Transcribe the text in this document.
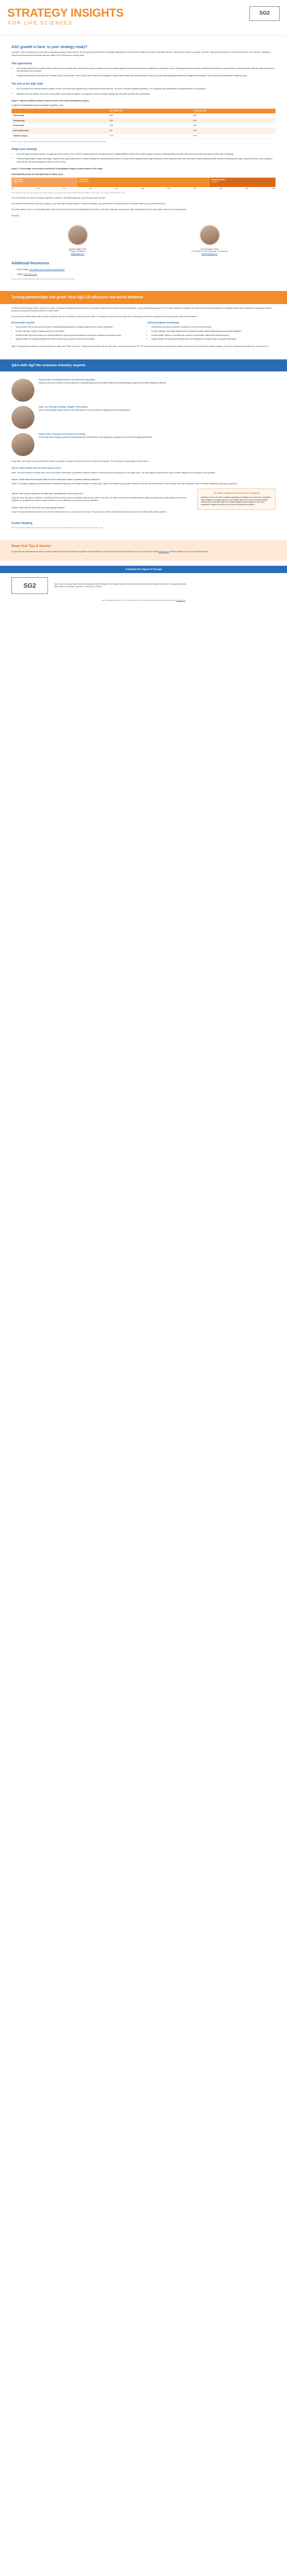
STRATEGY INSIGHTS
FOR LIFE SCIENCES
SG2
ASC growth is here. Is your strategy ready?

Currently ~20% of surgeries are performed in ambulatory surgery centers (ASCs), but strong growth makes them a strategic battleground for life sciences industry (LSI) Sg2 in estimates that ASC volumes will continue to increase, with ASC visits growth expected to exceed 20% by 2034. Yet consumer, regulatory, market and reimbursement dynamics will drive shifts in ASC landscape in coming years.

The opportunity
• ASC growth represents procedural volume. Sg2's services forecast ASC procedures to grow at a faster pace than hospital outpatient department procedures, particularly in orthopedics, spine, cardiology and general surgery. Shifting reimbursement, expanded ASC-covered procedure lists and payer preferences will accelerate this movement.
• Hospital and physician-ownership mix is shifting. A 2024 survey found ~50% of ASCs have some form of hospital or health system ownership, while physician-owned ASCs are expanding partnerships with management companies. Each ownership model implies a different buyer.
The risk of the ASC shift
• ASC economics are narrowly defined. Margins in ASCs are lower than hospitals due to reimbursement rates that are ~50–60% of hospital outpatient payments. LSI companies must demonstrate cost-effectiveness to win adoption.
• Adoption varies by market, service line, and provider. As procedures migrate, LSI companies need to reshape strategy with clear ASC-specific value propositions.
Figure 1. Market variation analysis shows uneven shift toward ambulatory surgery
% SELECT PROCEDURES IN ASCS BY MARKET QUARTILE, 2022
	1ST QUARTILE	4TH QUARTILE
Arthroscopy	52%	89%
Colonoscopy	48%	84%
Hernia repair	32%	70%
Knee replacement	9%	41%
Cataract surgery	77%	97%
Source: Impact of Change® Forecast, 2024; HCUP National Inpatient Sample; CMS Limited Data Set; Claritas Pop-Facts® Premier 2024; Sg2 Analysis, 2024.
Adapt your strategy
• Know the goals of decision-makers. In physician-owned centers (70% of ASCs) surgeons influence supply decisions. Hospital-affiliated centers tend to follow system contracts. Understanding ownership, governance and financial pressures helps tailor messaging.
• Focused segmentation creates advantage. Segment ASC opportunity based on market maturity and ownership growth drivers. Consider these segment-based target audiences, which supports broad value and market impact: growing centers focused on efficiency and data, established centers with consistent case volume, and those preparing to add new service lines.
Figure 2. Percentage of procedures performed in ambulatory surgery centers spans a 40% range
PROCEDURES IN ASC BY DISTRIBUTION OF MSAS, 2023
CATCHING
Bottom 25%
GROWING
Middle 50%
TRAILBLAZING
Top 25%
0%	10%	20%	30%	40%	50%	60%	70%	80%	90%	100%
Note: Ambulatory procedures = all procedures minus those performed in an inpatient setting. Analysis limited to MSAs with sufficient volume. Source: Sg2 analysis of CMS claims data, 2023.

The best markets are where procedural migration, portfolio fit, ownership dynamics, and forecast growth coincide.

Life sciences leaders have a new ASC playbook—one that maps portfolio exposure, decision-pathways, and value stories to economic impact, workforce efficiency, and clinical outcomes.

All health systems move to an ambulatory-first model; the need to develop site-neutral playbooks for ASCs, post-acute offerings, and physician office settings will become more urgent. Assess your strategy today.

Sincerely,

Jaymie Eagle, PhD
Principal, Intelligence
jeagle@sg2.com
Karl Korkmaz, PhD
Sr Principal & General Manager, Life Sciences
kkorkmaz@sg2.com
Additional Resources
• Expert Insight: The Rising Tide of Cardiovascular Disease
• Insight: Think ON to ICU
Sources: Sg2 ASC Strategy Infographic, 2024; Sg2 Impact of Change® Forecast, 2024; CMS claims data.
Turning partnerships into proof: How Sg2 LSI advances real-world evidence

At Vizient's 2024 Supplier Forum, Sg2 and a number of vendors including decisions focused on real-world evidence and provider-supplier partnerships. In the partnership discussion, the LSI team shared how suppliers can move forward as trusted partners to strategic partners that contribute to measurable provider priorities and produce real-world evidence to prove value.

Successful partnerships begin with a provider challenge that can be measured, improved, and scaled. The examples below show how Sg2 LSI is connecting providers and suppliers to test and generate value-based evidence.

EP procedure growth
• Sg2 forecasts a 46% ten-year demand growth for electrophysiology procedures, creating an opportunity for device collaboration.
• Provider challenge: Growth in capacity strained, lab time limited.
• Provider benefit: Real-world evidence can identify bottlenecks, support operational decisions, and improve readiness for procedural growth.
• Supplier benefit: The analysis strengthens the device's positioning and supports commercial and growth.
Advanced glioma monitoring
• Adult clinical care plans are expected to increase by 13% over the next decade.
• Provider challenge: Technology adoption does not guarantee impact; limited imaging capacity and workflow integration.
• Provider benefit: Evidence on workflow and outcomes can drive better patient-level adoption decisions.
• Supplier benefit: The analysis demonstrates value and strengthens the adoption story and supplier partnerships.

Sg2 LSI helps partners capture real-world evidence to make their "What do we do?" "What provider problem can we help solve—and how will we prove it?" The team will be focusing on partnering with leaders to produce our upcoming ASC-based programs. If you are interested in learning more, reach out to us.

Q&A with Sg2 life sciences industry experts
Greg Fusilier, Consulting Director, Life Sciences Consulting
Greg has more than 20 years of industry experience, including leading Sg2's Innovation Readiness and implementation programs and market intelligence offerings.
Katie Lau, Principal, Strategic Supplier Partnerships
Katie connects leading supplier partners with health systems to solve operational challenges and accelerate adoption.
Susan Vestre, Principal, Life Sciences Consulting
Susan brings deep strategic experience with pharmaceutical, medical device, and diagnostics companies to provide market insights and direction.

Greg, Katie, and Susan recently worked with a client to quantify the impact of early intervention in Alzheimer's disease. The following is a conversation between them.

Jaymie: What problem was the client trying to solve?

Katie: The client needed a credible way to show why earlier intervention in Alzheimer's disease matters. Previous analyses had focused on late-stage costs. The client wanted to quantify the value of earlier diagnosis and a structured care pathway.

Jaymie: What made this analysis different from traditional claims or patient journey analyses?

Susan: The biggest challenge was that Alzheimer's disease progression is not easily identified in claims data. Claims can identify most cognitive impairment, but the path to Alzheimer's is often unclear. We built a stepwise model to estimate diagnosis timing and progression.

Jaymie: How did you help turn the data into something the client could use?

Greg: We used Sg2 data for Medicare & Medicaid Services revenue data to estimate outcomes and costs. From there, we built a framework to estimate disease stage and progression using signals from the data. Together, we quantified the impact of earlier detection on cost, utilization and outcomes across providers.

Jaymie: Who will the client use this work going forward?

Greg: The client will take the question from what the clinical costs are, to what a system can do. This gives them a clear and defensible business case to share with health system partners.

The Hidden Hospital Cost of Alzheimer's Caregiving
Alzheimer's care is as much a capacity management challenge as a clinical one. Caregivers often struggle to manage symptoms, and hospitals absorb the burden through avoidable admissions and extended stays. Our analysis suggests earlier diagnosis can reduce downstream utilization and improve outcomes for patients and families.
Further Reading
Alzheimer's Association. 2024 Alzheimer's Disease Facts and Figures; CMS, National Health Expenditure Data; Sg2 Impact of Change® Forecast, 2024.
Share Your Tips & Stories!

Do you have an interesting case study or helpful analysis that other Life Sciences suppliers could benefit from? We'd love to hear from you! Reach out to your Sg2 team or email lsi@sg2.com with the details or to set up a quick discussion.

Anticipate the Impact of Change
SG2	Sg2, a Vizient company, delivers health care analytics, market intelligence and strategic expertise to help life sciences and health care organizations thrive in a changing landscape.
5600 N River Rd, Suite 800, Rosemont, IL 60018 | 847.779.5300
Sg2 is a trademark of Vizient, Inc. | To unsubscribe, contact your organization's Sg2 representative or email lsi@sg2.com
